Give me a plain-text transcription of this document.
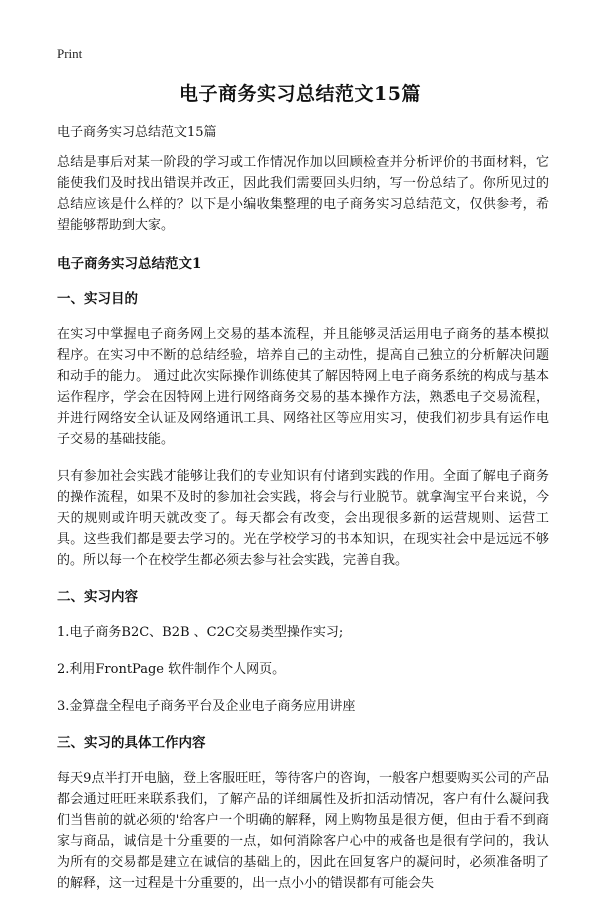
Print
电子商务实习总结范文15篇

电子商务实习总结范文15篇

总结是事后对某一阶段的学习或工作情况作加以回顾检查并分析评价的书面材料，它能使我们及时找出错误并改正，因此我们需要回头归纳，写一份总结了。你所见过的总结应该是什么样的？以下是小编收集整理的电子商务实习总结范文，仅供参考，希望能够帮助到大家。

电子商务实习总结范文1

一、实习目的

在实习中掌握电子商务网上交易的基本流程，并且能够灵活运用电子商务的基本模拟程序。在实习中不断的总结经验，培养自己的主动性，提高自己独立的分析解决问题和动手的能力。 通过此次实际操作训练使其了解因特网上电子商务系统的构成与基本运作程序，学会在因特网上进行网络商务交易的基本操作方法，熟悉电子交易流程，并进行网络安全认证及网络通讯工具、网络社区等应用实习，使我们初步具有运作电子交易的基础技能。

只有参加社会实践才能够让我们的专业知识有付诸到实践的作用。全面了解电子商务的操作流程，如果不及时的参加社会实践，将会与行业脱节。就拿淘宝平台来说，今天的规则或许明天就改变了。每天都会有改变，会出现很多新的运营规则、运营工具。这些我们都是要去学习的。光在学校学习的书本知识，在现实社会中是远远不够的。所以每一个在校学生都必须去参与社会实践，完善自我。

二、实习内容

1.电子商务B2C、B2B 、C2C交易类型操作实习;

2.利用FrontPage 软件制作个人网页。

3.金算盘全程电子商务平台及企业电子商务应用讲座

三、实习的具体工作内容

每天9点半打开电脑，登上客服旺旺，等待客户的咨询，一般客户想要购买公司的产品都会通过旺旺来联系我们，了解产品的详细属性及折扣活动情况，客户有什么凝问我们当售前的就必须的'给客户一个明确的解释，网上购物虽是很方便，但由于看不到商家与商品，诚信是十分重要的一点，如何消除客户心中的戒备也是很有学问的，我认为所有的交易都是建立在诚信的基础上的，因此在回复客户的凝问时，必须准备明了的解释，这一过程是十分重要的，出一点小小的错误都有可能会失
